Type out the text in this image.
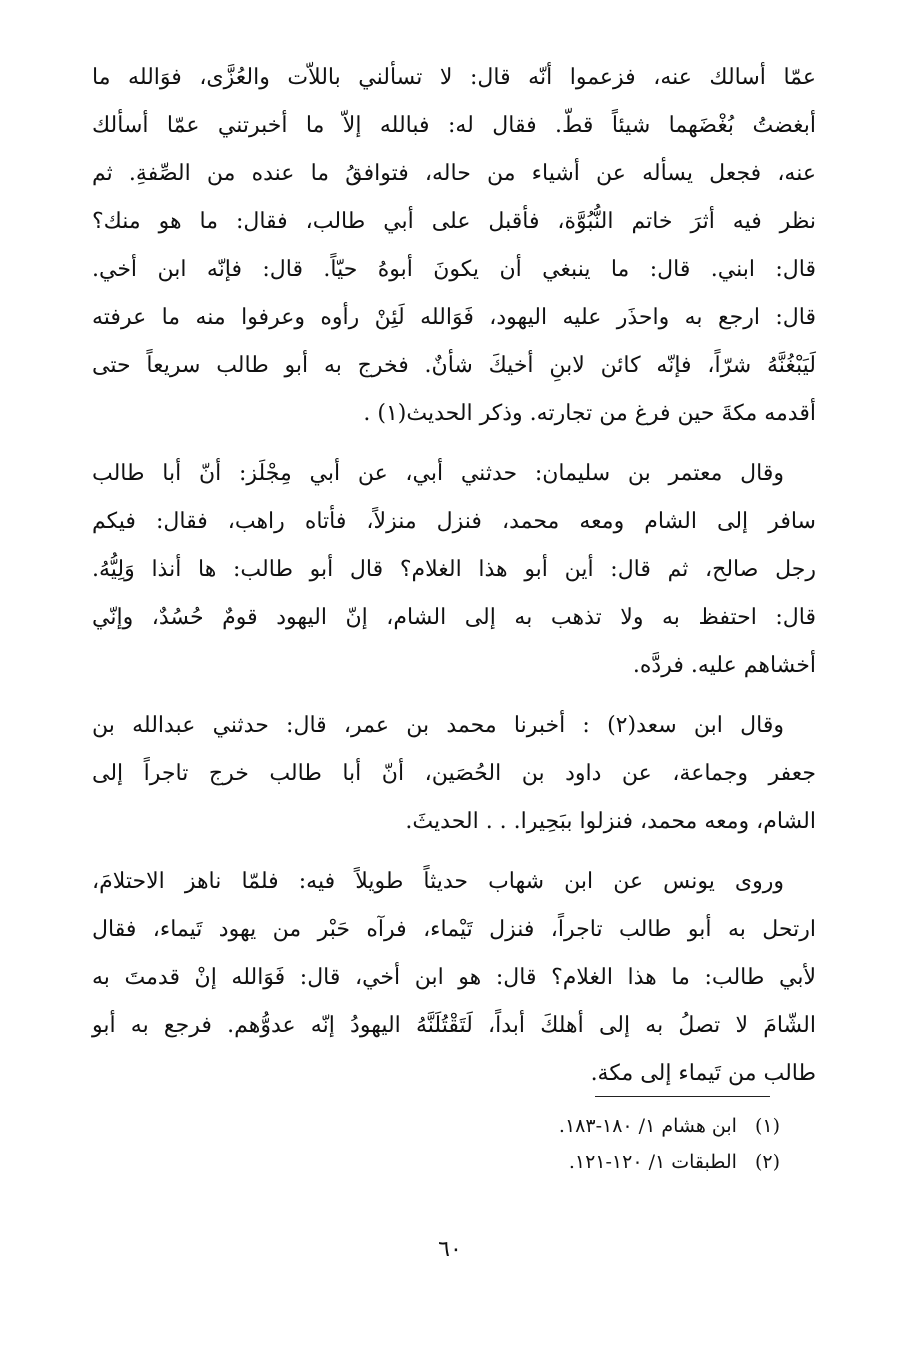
عمّا أسالك عنه، فزعموا أنّه قال: لا تسألني باللاّت والعُزَّى، فوَالله ما
أبغضتُ بُغْضَهما شيئاً قطّ. فقال له: فبالله إلاّ ما أخبرتني عمّا أسألك
عنه، فجعل يسأله عن أشياء من حاله، فتوافقُ ما عنده من الصِّفةِ. ثم
نظر فيه أثرَ خاتم النُّبُوَّة، فأقبل على أبي طالب، فقال: ما هو منك؟
قال: ابني. قال: ما ينبغي أن يكونَ أبوهُ حيّاً. قال: فإنّه ابن أخي.
قال: ارجع به واحذَر عليه اليهود، فَوَالله لَئِنْ رأوه وعرفوا منه ما عرفته
لَيَبْغُنَّهُ شرّاً، فإنّه كائن لابنِ أخيكَ شأنٌ. فخرج به أبو طالب سريعاً حتى
أقدمه مكةَ حين فرغ من تجارته. وذكر الحديث(١) .
وقال معتمر بن سليمان: حدثني أبي، عن أبي مِجْلَز: أنّ أبا طالب
سافر إلى الشام ومعه محمد، فنزل منزلاً، فأتاه راهب، فقال: فيكم
رجل صالح، ثم قال: أين أبو هذا الغلام؟ قال أبو طالب: ها أنذا وَلِيُّهُ.
قال: احتفظ به ولا تذهب به إلى الشام، إنّ اليهود قومٌ حُسُدٌ، وإنّي
أخشاهم عليه. فردَّه.
وقال ابن سعد(٢) : أخبرنا محمد بن عمر، قال: حدثني عبدالله بن
جعفر وجماعة، عن داود بن الحُصَين، أنّ أبا طالب خرج تاجراً إلى
الشام، ومعه محمد، فنزلوا ببَحِيرا. . . الحديثَ.
وروى يونس عن ابن شهاب حديثاً طويلاً فيه: فلمّا ناهز الاحتلامَ،
ارتحل به أبو طالب تاجراً، فنزل تَيْماء، فرآه حَبْر من يهود تَيماء، فقال
لأبي طالب: ما هذا الغلام؟ قال: هو ابن أخي، قال: فَوَالله إنْ قدمتَ به
الشّامَ لا تصلُ به إلى أهلكَ أبداً، لَتَقْتُلَنَّهُ اليهودُ إنّه عدوُّهم. فرجع به أبو
طالب من تَيماء إلى مكة.
(١)ابن هشام ١/ ١٨٠-١٨٣.
(٢)الطبقات ١/ ١٢٠-١٢١.
٦٠
